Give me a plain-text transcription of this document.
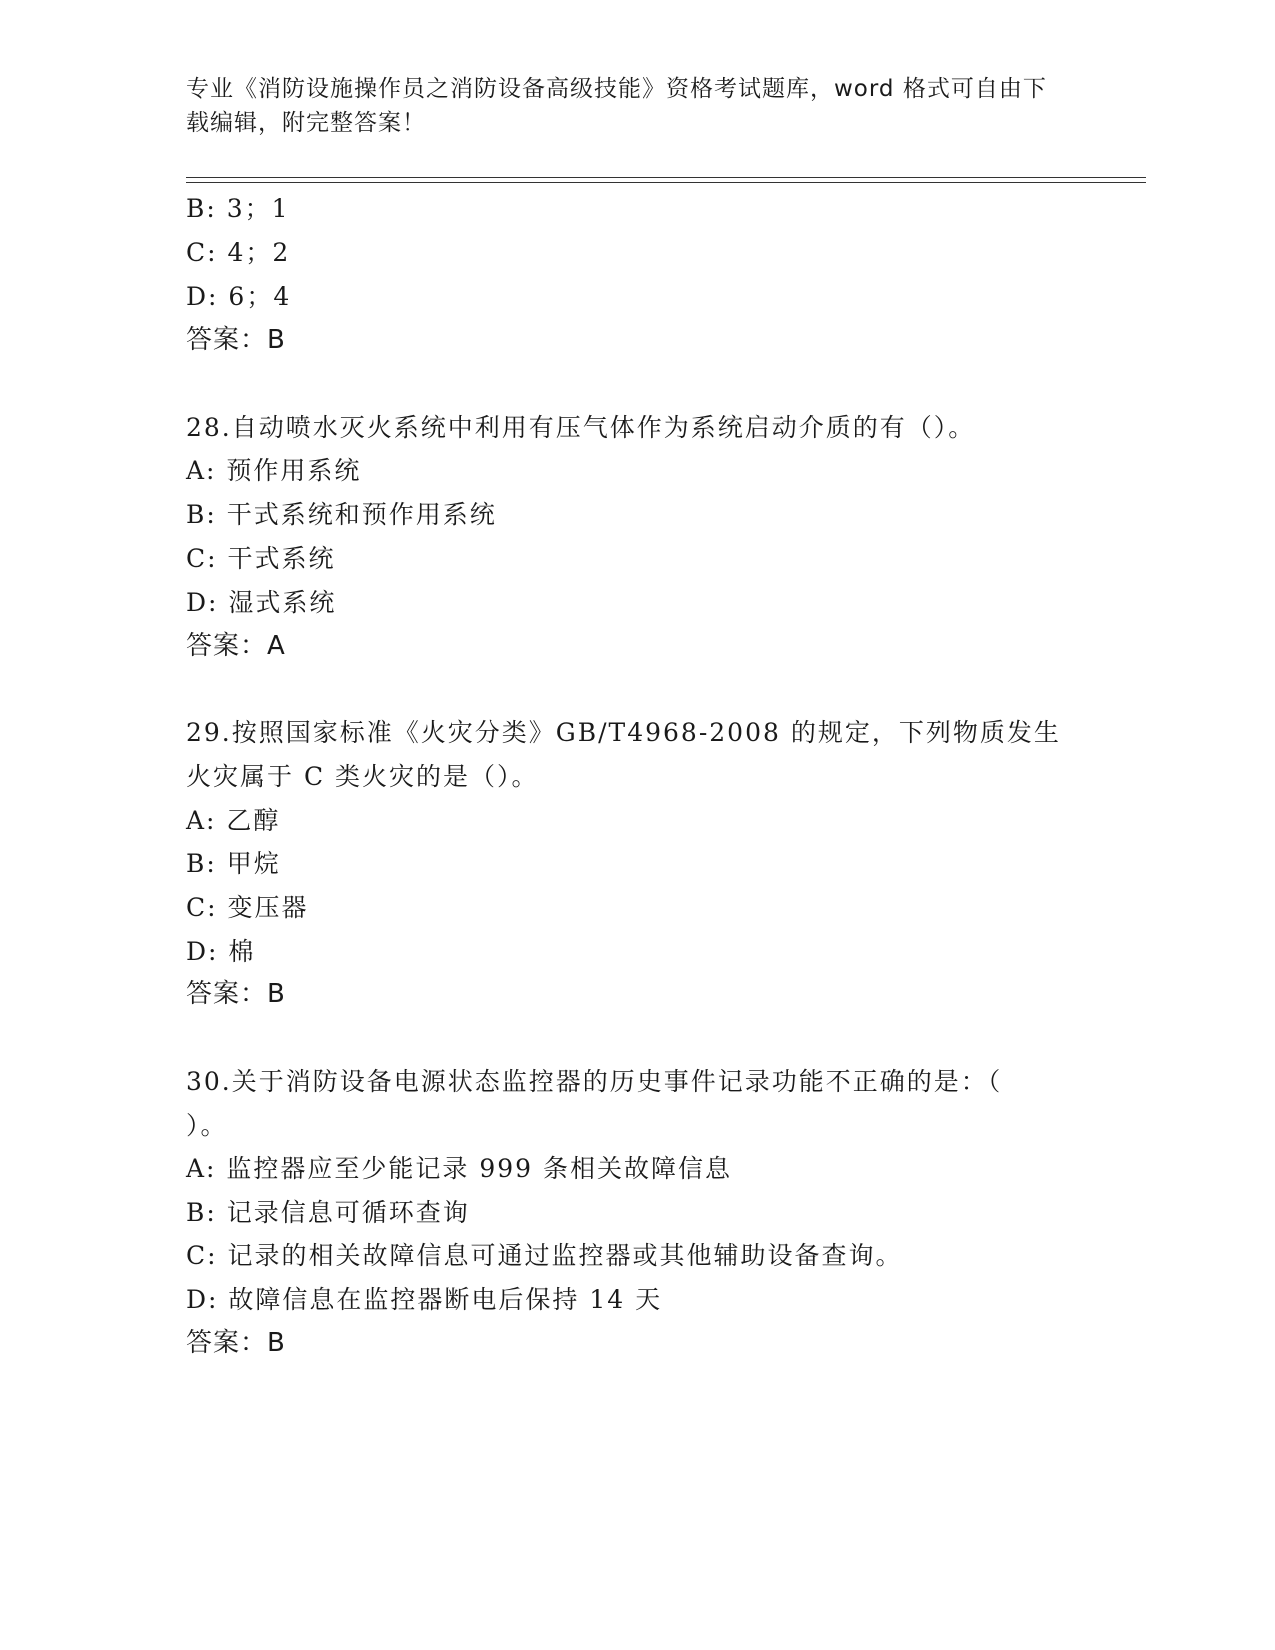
专业《消防设施操作员之消防设备高级技能》资格考试题库，word 格式可自由下
载编辑，附完整答案！
B: 3；1
C: 4；2
D: 6；4
答案：B
28.自动喷水灭火系统中利用有压气体作为系统启动介质的有（）。
A: 预作用系统
B: 干式系统和预作用系统
C: 干式系统
D: 湿式系统
答案：A
29.按照国家标准《火灾分类》GB/T4968-2008 的规定，下列物质发生
火灾属于 C 类火灾的是（）。
A: 乙醇
B: 甲烷
C: 变压器
D: 棉
答案：B
30.关于消防设备电源状态监控器的历史事件记录功能不正确的是：（
）。
A: 监控器应至少能记录 999 条相关故障信息
B: 记录信息可循环查询
C: 记录的相关故障信息可通过监控器或其他辅助设备查询。
D: 故障信息在监控器断电后保持 14 天
答案：B
